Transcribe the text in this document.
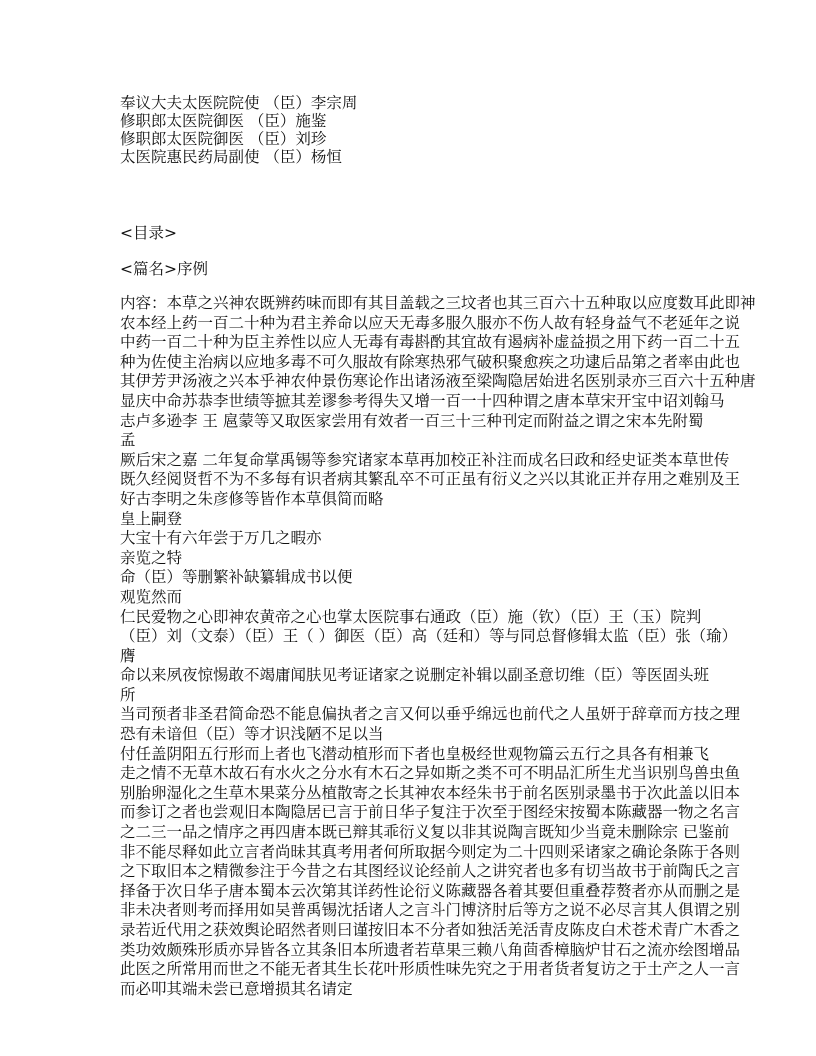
奉议大夫太医院院使 （臣）李宗周
修职郎太医院御医 （臣）施鉴
修职郎太医院御医 （臣）刘珍
太医院惠民药局副使 （臣）杨恒
<目录>
<篇名>序例
内容：本草之兴神农既辨药味而即有其目盖载之三坟者也其三百六十五种取以应度数耳此即神
农本经上药一百二十种为君主养命以应天无毒多服久服亦不伤人故有轻身益气不老延年之说
中药一百二十种为臣主养性以应人无毒有毒斟酌其宜故有遏病补虚益损之用下药一百二十五
种为佐使主治病以应地多毒不可久服故有除寒热邪气破积聚愈疾之功逮后品第之者率由此也
其伊芳尹汤液之兴本乎神农仲景伤寒论作出诸汤液至梁陶隐居始进名医别录亦三百六十五种唐
显庆中命苏恭李世绩等摭其差谬参考得失又增一百一十四种谓之唐本草宋开宝中诏刘翰马
志卢多逊李 王 扈蒙等又取医家尝用有效者一百三十三种刊定而附益之谓之宋本先附蜀
孟
厥后宋之嘉 二年复命掌禹锡等参究诸家本草再加校正补注而成名曰政和经史证类本草世传
既久经阅贤哲不为不多每有识者病其繁乱卒不可正虽有衍义之兴以其讹正并存用之难别及王
好古李明之朱彦修等皆作本草俱简而略
皇上嗣登
大宝十有六年尝于万几之暇亦
亲览之特
命（臣）等删繁补缺纂辑成书以便
观览然而
仁民爱物之心即神农黄帝之心也掌太医院事右通政（臣）施（钦）（臣）王（玉）院判
（臣）刘（文泰）（臣）王（ ）御医（臣）高（廷和）等与同总督修辑太监（臣）张（瑜）
膺
命以来夙夜惊惕敢不竭庸闻肤见考证诸家之说删定补辑以副圣意切维（臣）等医固头班
所
当司预者非圣君简命恐不能息偏执者之言又何以垂乎绵远也前代之人虽妍于辞章而方技之理
恐有未谙但（臣）等才识浅陋不足以当
付任盖阴阳五行形而上者也飞潜动植形而下者也皇极经世观物篇云五行之具各有相兼飞
走之情不无草木故石有水火之分水有木石之异如斯之类不可不明品汇所生尤当识别鸟兽虫鱼
别胎卵湿化之生草木果菜分丛植散寄之长其神农本经朱书于前名医别录墨书于次此盖以旧本
而参订之者也尝观旧本陶隐居已言于前日华子复注于次至于图经宋按蜀本陈藏器一物之名言
之二三一品之情序之再四唐本既已辩其乖衍义复以非其说陶言既知少当竟未删除宗 已鉴前
非不能尽释如此立言者尚昧其真考用者何所取据今则定为二十四则采诸家之确论条陈于各则
之下取旧本之精微参注于今昔之右其图经议论经前人之讲究者也多有切当故书于前陶氏之言
择备于次日华子唐本蜀本云次第其详药性论衍义陈藏器各着其要但重叠荐赘者亦从而删之是
非未决者则考而择用如吴普禹锡沈括诸人之言斗门博济肘后等方之说不必尽言其人俱谓之别
录若近代用之获效舆论昭然者则曰谨按旧本不分者如独活羌活青皮陈皮白术苍术青广木香之
类功效颇殊形质亦异皆各立其条旧本所遗者若草果三赖八角茴香樟脑炉甘石之流亦绘图增品
此医之所常用而世之不能无者其生长花叶形质性味先究之于用者货者复访之于土产之人一言
而必叩其端未尝已意增损其名请定
